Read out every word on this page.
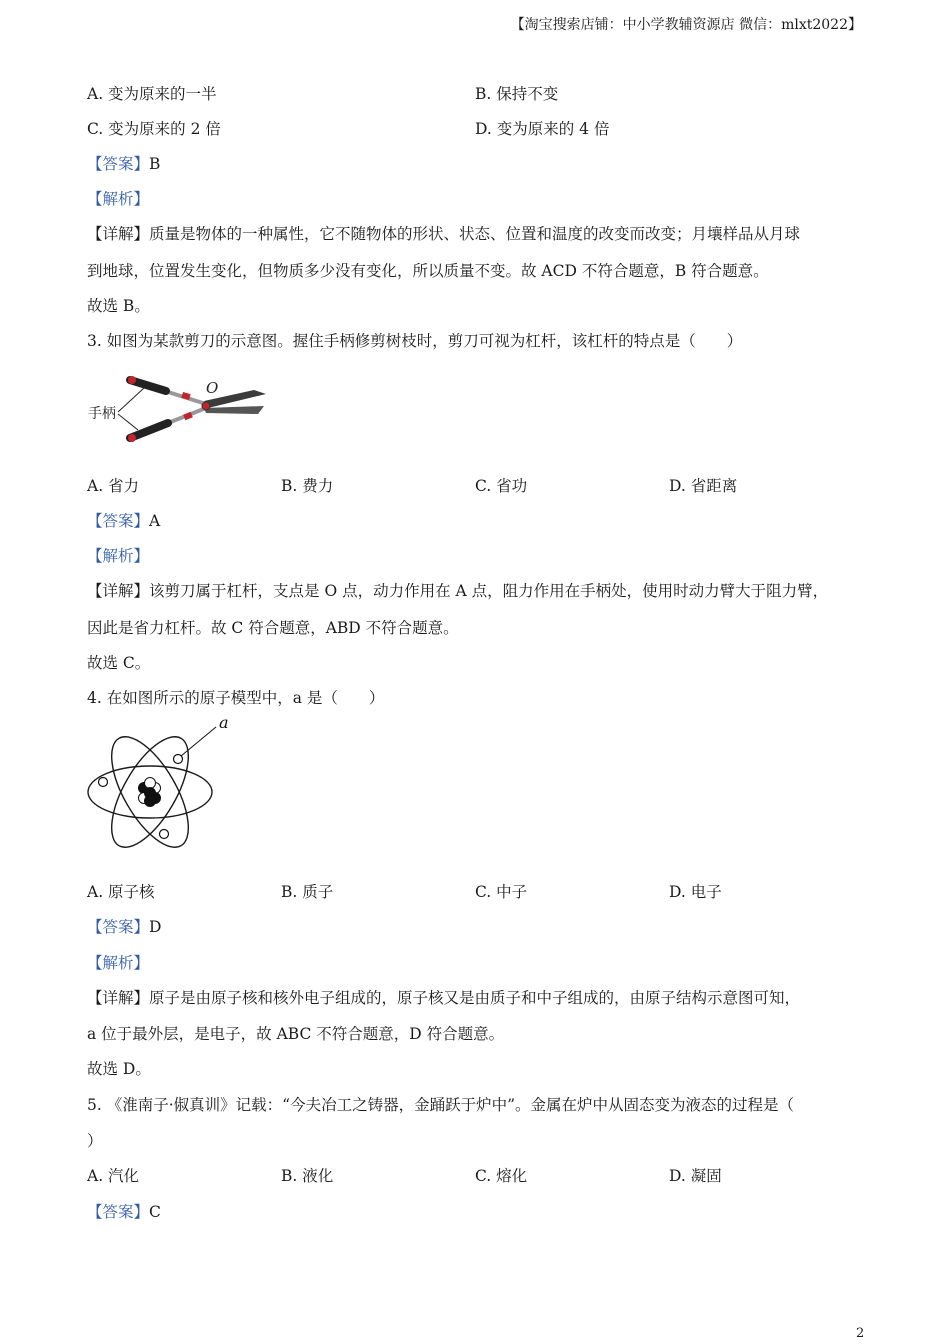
【淘宝搜索店铺：中小学教辅资源店 微信：mlxt2022】
A. 变为原来的一半	B. 保持不变
C. 变为原来的 2 倍	D. 变为原来的 4 倍
【答案】B
【解析】
【详解】质量是物体的一种属性，它不随物体的形状、状态、位置和温度的改变而改变；月壤样品从月球
到地球，位置发生变化，但物质多少没有变化，所以质量不变。故 ACD 不符合题意，B 符合题意。
故选 B。
3. 如图为某款剪刀的示意图。握住手柄修剪树枝时，剪刀可视为杠杆，该杠杆的特点是（　　）
O
手柄
A. 省力	B. 费力	C. 省功	D. 省距离
【答案】A
【解析】
【详解】该剪刀属于杠杆，支点是 O 点，动力作用在 A 点，阻力作用在手柄处，使用时动力臂大于阻力臂，
因此是省力杠杆。故 C 符合题意，ABD 不符合题意。
故选 C。
4. 在如图所示的原子模型中，a 是（　　）
a
A. 原子核	B. 质子	C. 中子	D. 电子
【答案】D
【解析】
【详解】原子是由原子核和核外电子组成的，原子核又是由质子和中子组成的，由原子结构示意图可知，
a 位于最外层，是电子，故 ABC 不符合题意，D 符合题意。
故选 D。
5. 《淮南子·俶真训》记载：“今夫冶工之铸器，金踊跃于炉中”。金属在炉中从固态变为液态的过程是（
）
A. 汽化	B. 液化	C. 熔化	D. 凝固
【答案】C
2
